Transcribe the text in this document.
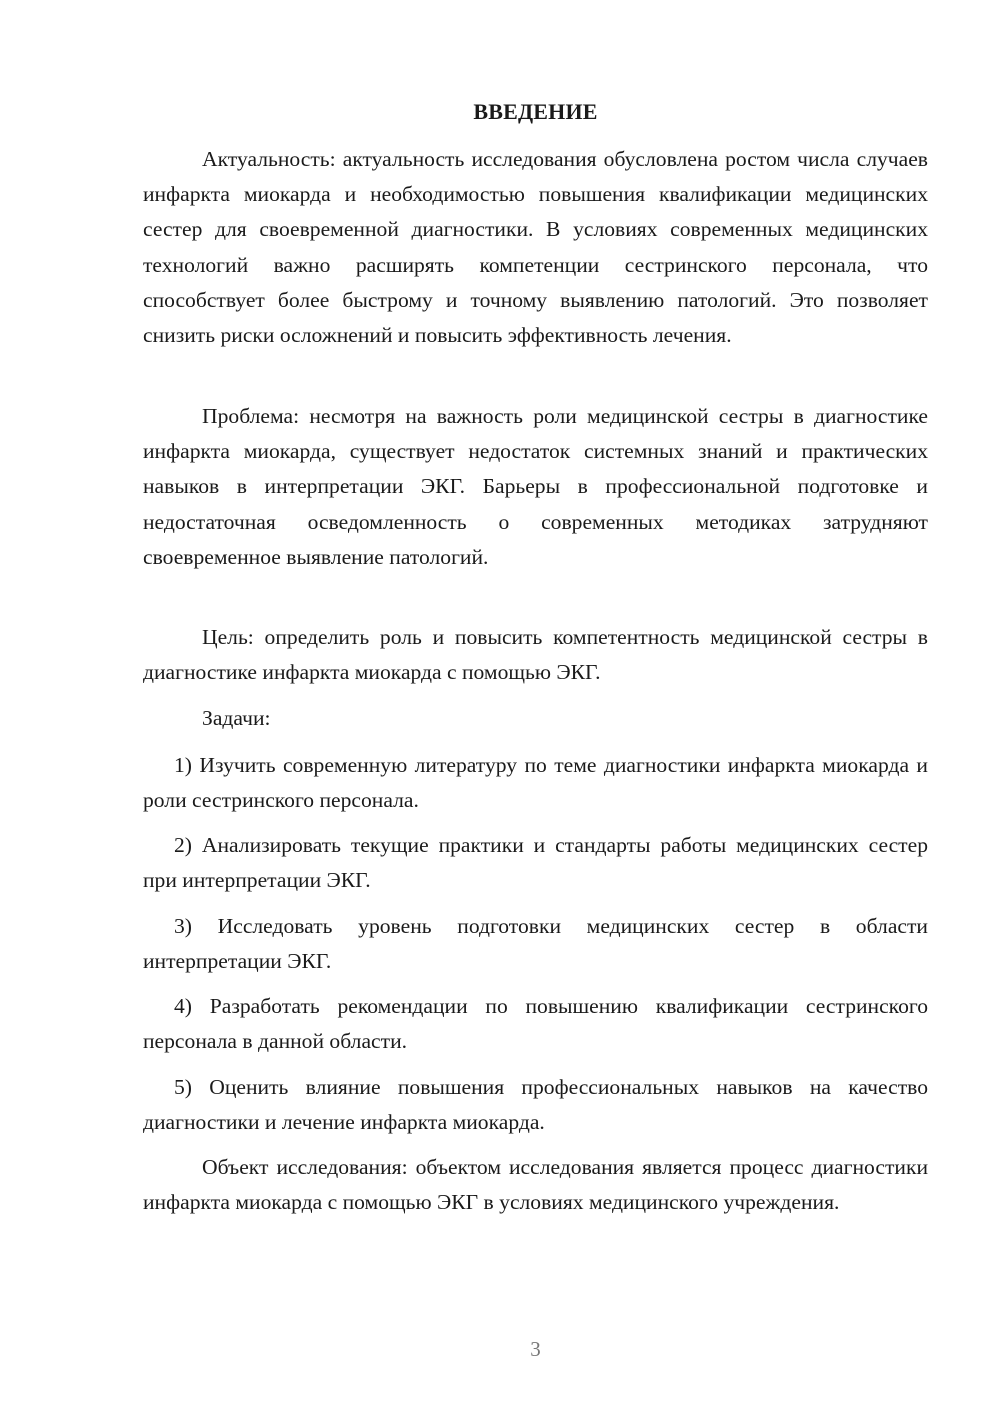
ВВЕДЕНИЕ

Актуальность: актуальность исследования обусловлена ростом числа случаев инфаркта миокарда и необходимостью повышения квалификации медицинских сестер для своевременной диагностики. В условиях современных медицинских технологий важно расширять компетенции сестринского персонала, что способствует более быстрому и точному выявлению патологий. Это позволяет снизить риски осложнений и повысить эффективность лечения.

Проблема: несмотря на важность роли медицинской сестры в диагностике инфаркта миокарда, существует недостаток системных знаний и практических навыков в интерпретации ЭКГ. Барьеры в профессиональной подготовке и недостаточная осведомленность о современных методиках затрудняют своевременное выявление патологий.

Цель: определить роль и повысить компетентность медицинской сестры в диагностике инфаркта миокарда с помощью ЭКГ.

Задачи:

1) Изучить современную литературу по теме диагностики инфаркта миокарда и роли сестринского персонала.

2) Анализировать текущие практики и стандарты работы медицинских сестер при интерпретации ЭКГ.

3) Исследовать уровень подготовки медицинских сестер в области интерпретации ЭКГ.

4) Разработать рекомендации по повышению квалификации сестринского персонала в данной области.

5) Оценить влияние повышения профессиональных навыков на качество диагностики и лечение инфаркта миокарда.

Объект исследования: объектом исследования является процесс диагностики инфаркта миокарда с помощью ЭКГ в условиях медицинского учреждения.

3
